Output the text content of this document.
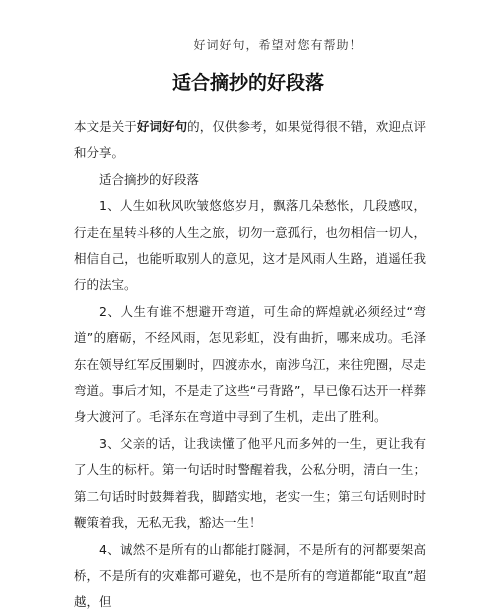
好词好句，希望对您有帮助！
适合摘抄的好段落

本文是关于好词好句的，仅供参考，如果觉得很不错，欢迎点评和分享。

适合摘抄的好段落

1、人生如秋风吹皱悠悠岁月，飘落几朵愁怅，几段感叹，行走在星转斗移的人生之旅，切勿一意孤行，也勿相信一切人，相信自己，也能听取别人的意见，这才是风雨人生路，逍遥任我行的法宝。

2、人生有谁不想避开弯道，可生命的辉煌就必须经过“弯道”的磨砺，不经风雨，怎见彩虹，没有曲折，哪来成功。毛泽东在领导红军反围剿时，四渡赤水，南涉乌江，来往兜圈，尽走弯道。事后才知，不是走了这些“弓背路”，早已像石达开一样葬身大渡河了。毛泽东在弯道中寻到了生机，走出了胜利。

3、父亲的话，让我读懂了他平凡而多舛的一生，更让我有了人生的标杆。第一句话时时警醒着我，公私分明，清白一生；第二句话时时鼓舞着我，脚踏实地，老实一生；第三句话则时时鞭策着我，无私无我，豁达一生！

4、诚然不是所有的山都能打隧洞，不是所有的河都要架高桥，不是所有的灾难都可避免，也不是所有的弯道都能“取直”超越，但
